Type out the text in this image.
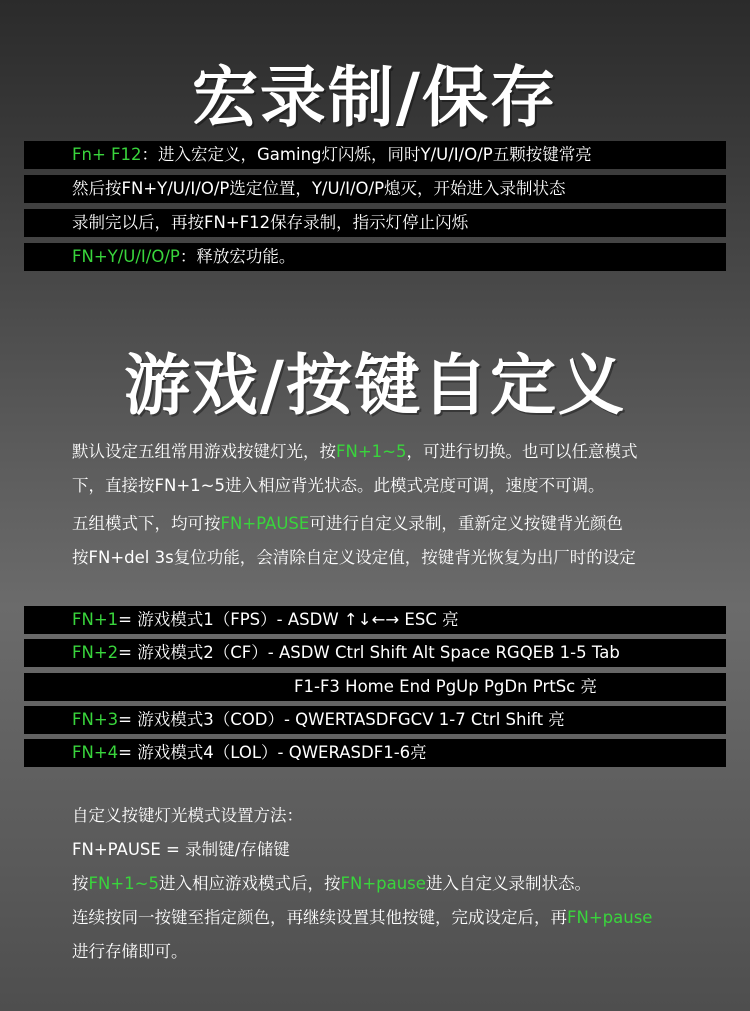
宏录制/保存
Fn+ F12：进入宏定义，Gaming灯闪烁，同时Y/U/I/O/P五颗按键常亮
然后按FN+Y/U/I/O/P选定位置，Y/U/I/O/P熄灭，开始进入录制状态
录制完以后，再按FN+F12保存录制，指示灯停止闪烁
FN+Y/U/I/O/P：释放宏功能。
游戏/按键自定义
默认设定五组常用游戏按键灯光，按FN+1~5，可进行切换。也可以任意模式
下，直接按FN+1~5进入相应背光状态。此模式亮度可调，速度不可调。
五组模式下，均可按FN+PAUSE可进行自定义录制，重新定义按键背光颜色
按FN+del 3s复位功能，会清除自定义设定值，按键背光恢复为出厂时的设定
FN+1= 游戏模式1（FPS）- ASDW ↑↓←→ ESC 亮
FN+2= 游戏模式2（CF）- ASDW Ctrl Shift Alt Space RGQEB 1-5 Tab
F1-F3 Home End PgUp PgDn PrtSc 亮
FN+3= 游戏模式3（COD）- QWERTASDFGCV 1-7 Ctrl Shift 亮
FN+4= 游戏模式4（LOL）- QWERASDF1-6亮
自定义按键灯光模式设置方法：
FN+PAUSE = 录制键/存储键
按FN+1~5进入相应游戏模式后，按FN+pause进入自定义录制状态。
连续按同一按键至指定颜色，再继续设置其他按键，完成设定后，再FN+pause
进行存储即可。
